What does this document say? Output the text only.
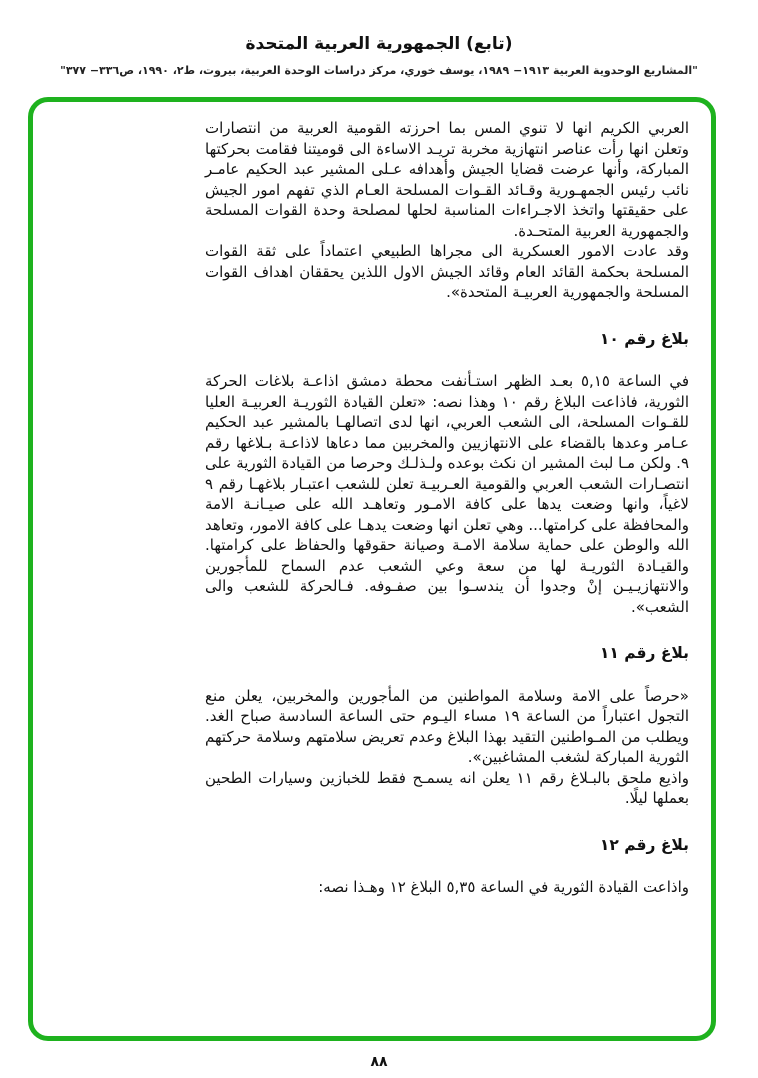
(تابع) الجمهورية العربية المتحدة
"المشاريع الوحدوية العربية ١٩١٣− ١٩٨٩، يوسف خوري، مركز دراسات الوحدة العربية، بيروت، ط٢، ١٩٩٠، ص٣٣٦− ٣٧٧"

العربي الكريم انها لا تنوي المس بما احرزته القومية العربية من انتصارات وتعلن انها رأت عناصر انتهازية مخربة تريـد الاساءة الى قوميتنا فقامت بحركتها المباركة، وأنها عرضت قضايا الجيش وأهدافه عـلى المشير عبد الحكيم عامـر نائب رئيس الجمهـورية وقـائد القـوات المسلحة العـام الذي تفهم امور الجيش على حقيقتها واتخذ الاجـراءات المناسبة لحلها لمصلحة وحدة القوات المسلحة والجمهورية العربية المتحـدة.

وقد عادت الامور العسكرية الى مجراها الطبيعي اعتماداً على ثقة القوات المسلحة بحكمة القائد العام وقائد الجيش الاول اللذين يحققان اهداف القوات المسلحة والجمهورية العربيـة المتحدة».

بلاغ رقم ١٠

في الساعة ٥,١٥ بعـد الظهر استـأنفت محطة دمشق اذاعـة بلاغات الحركة الثورية، فاذاعت البلاغ رقم ١٠ وهذا نصه: «تعلن القيادة الثوريـة العربيـة العليا للقـوات المسلحة، الى الشعب العربي، انها لدى اتصالهـا بالمشير عبد الحكيم عـامر وعدها بالقضاء على الانتهازيين والمخربين مما دعاها لاذاعـة بـلاغها رقم ٩. ولكن مـا لبث المشير ان نكث بوعده ولـذلـك وحرصا من القيادة الثورية على انتصـارات الشعب العربي والقومية العـربيـة تعلن للشعب اعتبـار بلاغهـا رقم ٩ لاغياً، وانها وضعت يدها على كافة الامـور وتعاهـد الله على صيـانـة الامة والمحافظة على كرامتها... وهي تعلن انها وضعت يدهـا على كافة الامور، وتعاهد الله والوطن على حماية سلامة الامـة وصيانة حقوقها والحفاظ على كرامتها. والقيـادة الثوريـة لها من سعة وعي الشعب عدم السماح للمأجورين والانتهازيـيـن إنْ وجدوا أن يندسـوا بين صفـوفه. فـالحركة للشعب والى الشعب».

بلاغ رقم ١١

«حرصاً على الامة وسلامة المواطنين من المأجورين والمخربين، يعلن منع التجول اعتباراً من الساعة ١٩ مساء اليـوم حتى الساعة السادسة صباح الغد. ويطلب من المـواطنين التقيد بهذا البلاغ وعدم تعريض سلامتهم وسلامة حركتهم الثورية المباركة لشغب المشاغبين».

واذيع ملحق بالبـلاغ رقم ١١ يعلن انه يسمـح فقط للخبازين وسيارات الطحين بعملها ليلًا.

بلاغ رقم ١٢

واذاعت القيادة الثورية في الساعة ٥,٣٥ البلاغ ١٢ وهـذا نصه:

٨٨
